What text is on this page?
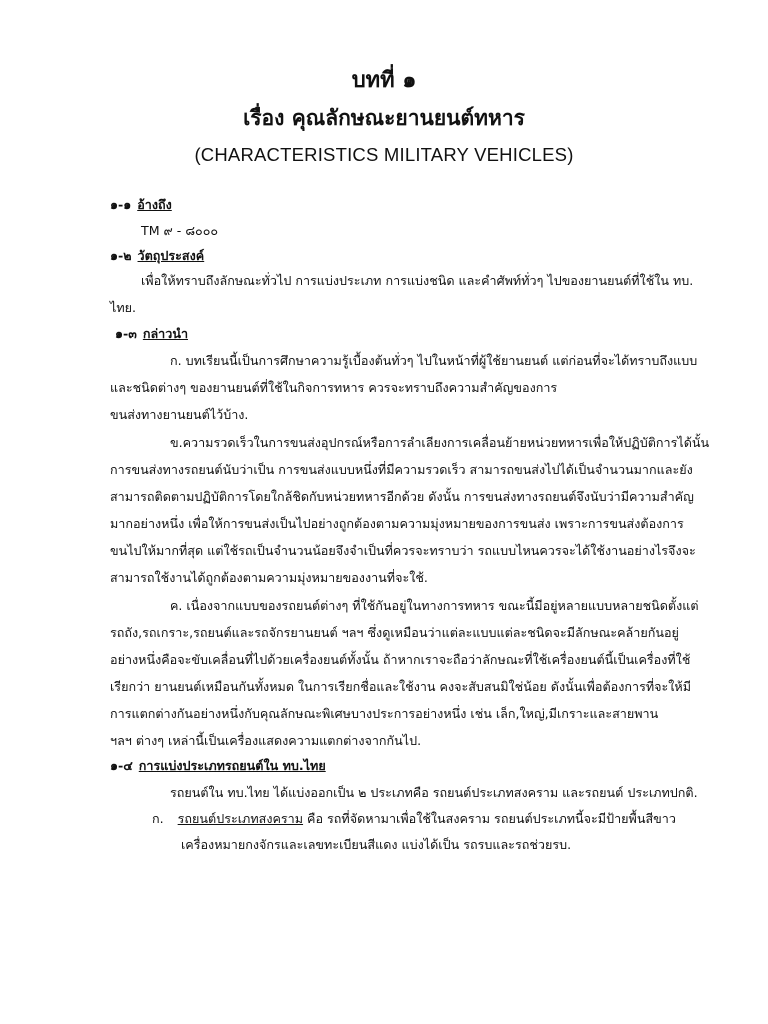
บทที่ ๑
เรื่อง คุณลักษณะยานยนต์ทหาร
(CHARACTERISTICS MILITARY VEHICLES)
๑-๑ อ้างถึง
TM ๙ - ๘๐๐๐
๑-๒ วัตถุประสงค์
เพื่อให้ทราบถึงลักษณะทั่วไป การแบ่งประเภท การแบ่งชนิด และคำศัพท์ทั่วๆ ไปของยานยนต์ที่ใช้ใน ทบ.
ไทย.
๑-๓ กล่าวนำ
ก. บทเรียนนี้เป็นการศึกษาความรู้เบื้องต้นทั่วๆ ไปในหน้าที่ผู้ใช้ยานยนต์ แต่ก่อนที่จะได้ทราบถึงแบบ
และชนิดต่างๆ ของยานยนต์ที่ใช้ในกิจการทหาร ควรจะทราบถึงความสำคัญของการ
ขนส่งทางยานยนต์ไว้บ้าง.
ข.ความรวดเร็วในการขนส่งอุปกรณ์หรือการลำเลียงการเคลื่อนย้ายหน่วยทหารเพื่อให้ปฏิบัติการได้นั้น
การขนส่งทางรถยนต์นับว่าเป็น การขนส่งแบบหนึ่งที่มีความรวดเร็ว สามารถขนส่งไปได้เป็นจำนวนมากและยัง
สามารถติดตามปฏิบัติการโดยใกล้ชิดกับหน่วยทหารอีกด้วย ดังนั้น การขนส่งทางรถยนต์จึงนับว่ามีความสำคัญ
มากอย่างหนึ่ง เพื่อให้การขนส่งเป็นไปอย่างถูกต้องตามความมุ่งหมายของการขนส่ง เพราะการขนส่งต้องการ
ขนไปให้มากที่สุด แต่ใช้รถเป็นจำนวนน้อยจึงจำเป็นที่ควรจะทราบว่า รถแบบไหนควรจะได้ใช้งานอย่างไรจึงจะ
สามารถใช้งานได้ถูกต้องตามความมุ่งหมายของงานที่จะใช้.
ค. เนื่องจากแบบของรถยนต์ต่างๆ ที่ใช้กันอยู่ในทางการทหาร ขณะนี้มีอยู่หลายแบบหลายชนิดตั้งแต่
รถถัง,รถเกราะ,รถยนต์และรถจักรยานยนต์ ฯลฯ ซึ่งดูเหมือนว่าแต่ละแบบแต่ละชนิดจะมีลักษณะคล้ายกันอยู่
อย่างหนึ่งคือจะขับเคลื่อนที่ไปด้วยเครื่องยนต์ทั้งนั้น ถ้าหากเราจะถือว่าลักษณะที่ใช้เครื่องยนต์นี้เป็นเครื่องที่ใช้
เรียกว่า ยานยนต์เหมือนกันทั้งหมด ในการเรียกชื่อและใช้งาน คงจะสับสนมิใช่น้อย ดังนั้นเพื่อต้องการที่จะให้มี
การแตกต่างกันอย่างหนึ่งกับคุณลักษณะพิเศษบางประการอย่างหนึ่ง เช่น เล็ก,ใหญ่,มีเกราะและสายพาน
ฯลฯ ต่างๆ เหล่านี้เป็นเครื่องแสดงความแตกต่างจากกันไป.
๑-๔ การแบ่งประเภทรถยนต์ใน ทบ.ไทย
รถยนต์ใน ทบ.ไทย ได้แบ่งออกเป็น ๒ ประเภทคือ รถยนต์ประเภทสงคราม และรถยนต์ ประเภทปกติ.
ก. รถยนต์ประเภทสงคราม คือ รถที่จัดหามาเพื่อใช้ในสงคราม รถยนต์ประเภทนี้จะมีป้ายพื้นสีขาว
เครื่องหมายกงจักรและเลขทะเบียนสีแดง แบ่งได้เป็น รถรบและรถช่วยรบ.
